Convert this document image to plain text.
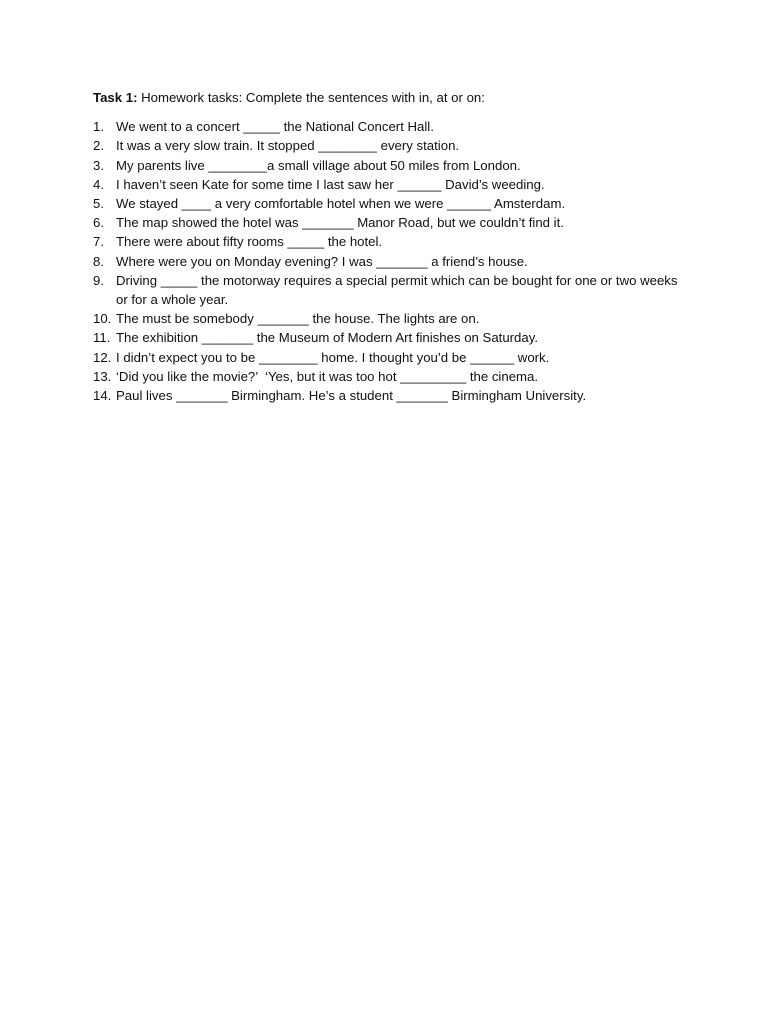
Task 1: Homework tasks: Complete the sentences with in, at or on:

1. We went to a concert _____ the National Concert Hall.
2. It was a very slow train. It stopped ________ every station.
3. My parents live ________a small village about 50 miles from London.
4. I haven’t seen Kate for some time I last saw her ______ David’s weeding.
5. We stayed ____ a very comfortable hotel when we were ______ Amsterdam.
6. The map showed the hotel was _______ Manor Road, but we couldn’t find it.
7. There were about fifty rooms _____ the hotel.
8. Where were you on Monday evening? I was _______ a friend’s house.
9. Driving _____ the motorway requires a special permit which can be bought for one or two weeks or for a whole year.
10. The must be somebody _______ the house. The lights are on.
11. The exhibition _______ the Museum of Modern Art finishes on Saturday.
12. I didn’t expect you to be ________ home. I thought you’d be ______ work.
13. ‘Did you like the movie?’  ‘Yes, but it was too hot _________ the cinema.
14. Paul lives _______ Birmingham. He’s a student _______ Birmingham University.
